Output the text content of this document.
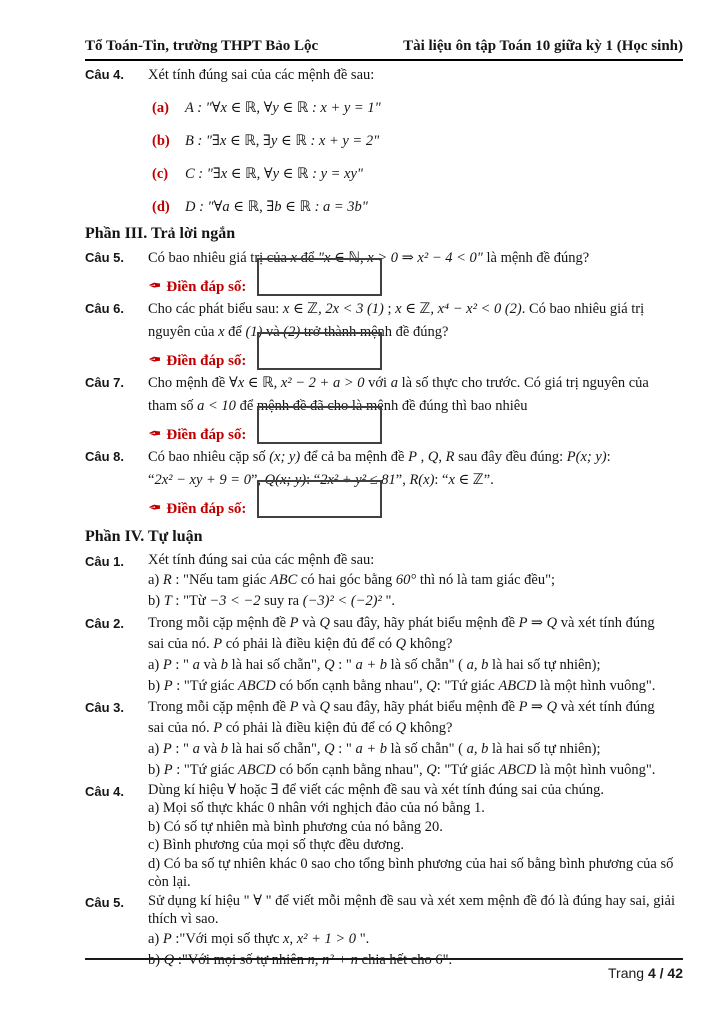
Tổ Toán-Tin, trường THPT Bảo Lộc	Tài liệu ôn tập Toán 10 giữa kỳ 1 (Học sinh)
Câu 4.	Xét tính đúng sai của các mệnh đề sau:
(a)	A : "∀x ∈ ℝ, ∀y ∈ ℝ : x + y = 1"
(b)	B : "∃x ∈ ℝ, ∃y ∈ ℝ : x + y = 2"
(c)	C : "∃x ∈ ℝ, ∀y ∈ ℝ : y = xy"
(d)	D : "∀a ∈ ℝ, ∃b ∈ ℝ : a = 3b"
Phần III. Trả lời ngắn
Câu 5.	Có bao nhiêu giá trị của x để "x ∈ ℕ, x > 0 ⇒ x² − 4 < 0" là mệnh đề đúng?
✒ Điền đáp số:
Câu 6.	Cho các phát biểu sau: x ∈ ℤ, 2x < 3 (1) ; x ∈ ℤ, x⁴ − x² < 0 (2). Có bao nhiêu giá trị
nguyên của x để (1) và (2) trở thành mệnh đề đúng?
✒ Điền đáp số:
Câu 7.	Cho mệnh đề ∀x ∈ ℝ, x² − 2 + a > 0 với a là số thực cho trước. Có giá trị nguyên của
tham số a < 10 để mệnh đề đã cho là mệnh đề đúng thì bao nhiêu
✒ Điền đáp số:
Câu 8.	Có bao nhiêu cặp số (x; y) để cả ba mệnh đề P , Q, R sau đây đều đúng: P(x; y):
“2x² − xy + 9 = 0”, Q(x; y): “2x² + y² ≤ 81”, R(x): “x ∈ ℤ”.
✒ Điền đáp số:
Phần IV. Tự luận
Câu 1.	Xét tính đúng sai của các mệnh đề sau:
a) R : "Nếu tam giác ABC có hai góc bằng 60° thì nó là tam giác đều";
b) T : "Từ −3 < −2 suy ra (−3)² < (−2)² ".
Câu 2.	Trong mỗi cặp mệnh đề P và Q sau đây, hãy phát biểu mệnh đề P ⇒ Q và xét tính đúng
sai của nó. P có phải là điều kiện đủ để có Q không?
a) P : " a và b là hai số chẵn", Q : " a + b là số chẵn" ( a, b là hai số tự nhiên);
b) P : "Tứ giác ABCD có bốn cạnh bằng nhau", Q: "Tứ giác ABCD là một hình vuông".
Câu 3.	Trong mỗi cặp mệnh đề P và Q sau đây, hãy phát biểu mệnh đề P ⇒ Q và xét tính đúng
sai của nó. P có phải là điều kiện đủ để có Q không?
a) P : " a và b là hai số chẵn", Q : " a + b là số chẵn" ( a, b là hai số tự nhiên);
b) P : "Tứ giác ABCD có bốn cạnh bằng nhau", Q: "Tứ giác ABCD là một hình vuông".
Câu 4.	Dùng kí hiệu ∀ hoặc ∃ để viết các mệnh đề sau và xét tính đúng sai của chúng.
a) Mọi số thực khác 0 nhân với nghịch đảo của nó bằng 1.
b) Có số tự nhiên mà bình phương của nó bằng 20.
c) Bình phương của mọi số thực đều dương.
d) Có ba số tự nhiên khác 0 sao cho tổng bình phương của hai số bằng bình phương của số
còn lại.
Câu 5.	Sử dụng kí hiệu " ∀ " để viết mỗi mệnh đề sau và xét xem mệnh đề đó là đúng hay sai, giải
thích vì sao.
a) P :"Với mọi số thực x, x² + 1 > 0 ".
b) Q :"Với mọi số tự nhiên n, n² + n chia hết cho 6".
Trang 4 / 42
